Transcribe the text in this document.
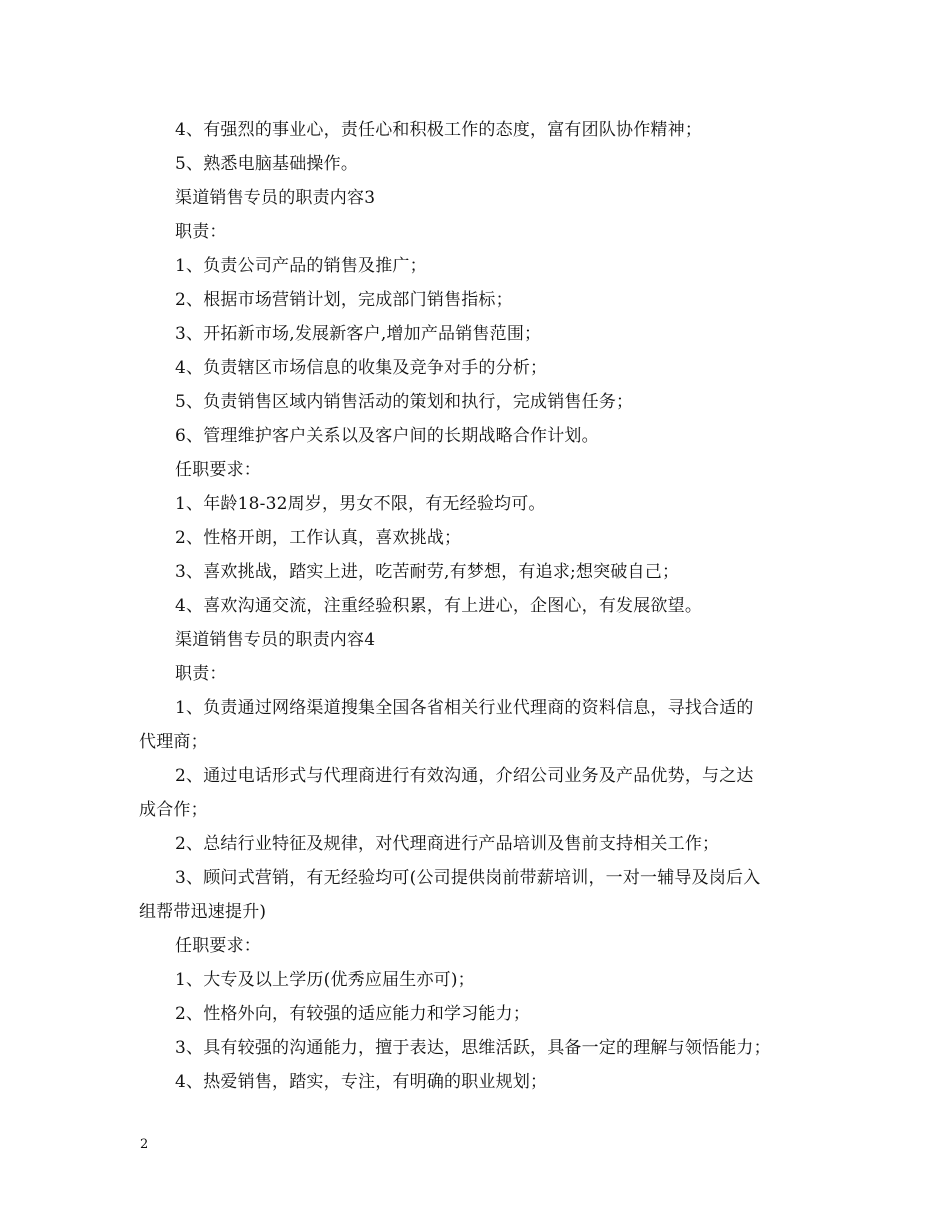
4、有强烈的事业心，责任心和积极工作的态度，富有团队协作精神；
5、熟悉电脑基础操作。
渠道销售专员的职责内容3
职责：
1、负责公司产品的销售及推广；
2、根据市场营销计划，完成部门销售指标；
3、开拓新市场,发展新客户,增加产品销售范围；
4、负责辖区市场信息的收集及竞争对手的分析；
5、负责销售区域内销售活动的策划和执行，完成销售任务；
6、管理维护客户关系以及客户间的长期战略合作计划。
任职要求：
1、年龄18-32周岁，男女不限，有无经验均可。
2、性格开朗，工作认真，喜欢挑战；
3、喜欢挑战，踏实上进，吃苦耐劳,有梦想，有追求;想突破自己；
4、喜欢沟通交流，注重经验积累，有上进心，企图心，有发展欲望。
渠道销售专员的职责内容4
职责：
1、负责通过网络渠道搜集全国各省相关行业代理商的资料信息，寻找合适的
代理商；
2、通过电话形式与代理商进行有效沟通，介绍公司业务及产品优势，与之达
成合作；
2、总结行业特征及规律，对代理商进行产品培训及售前支持相关工作；
3、顾问式营销，有无经验均可(公司提供岗前带薪培训，一对一辅导及岗后入
组帮带迅速提升)
任职要求：
1、大专及以上学历(优秀应届生亦可)；
2、性格外向，有较强的适应能力和学习能力；
3、具有较强的沟通能力，擅于表达，思维活跃，具备一定的理解与领悟能力；
4、热爱销售，踏实，专注，有明确的职业规划；
2
